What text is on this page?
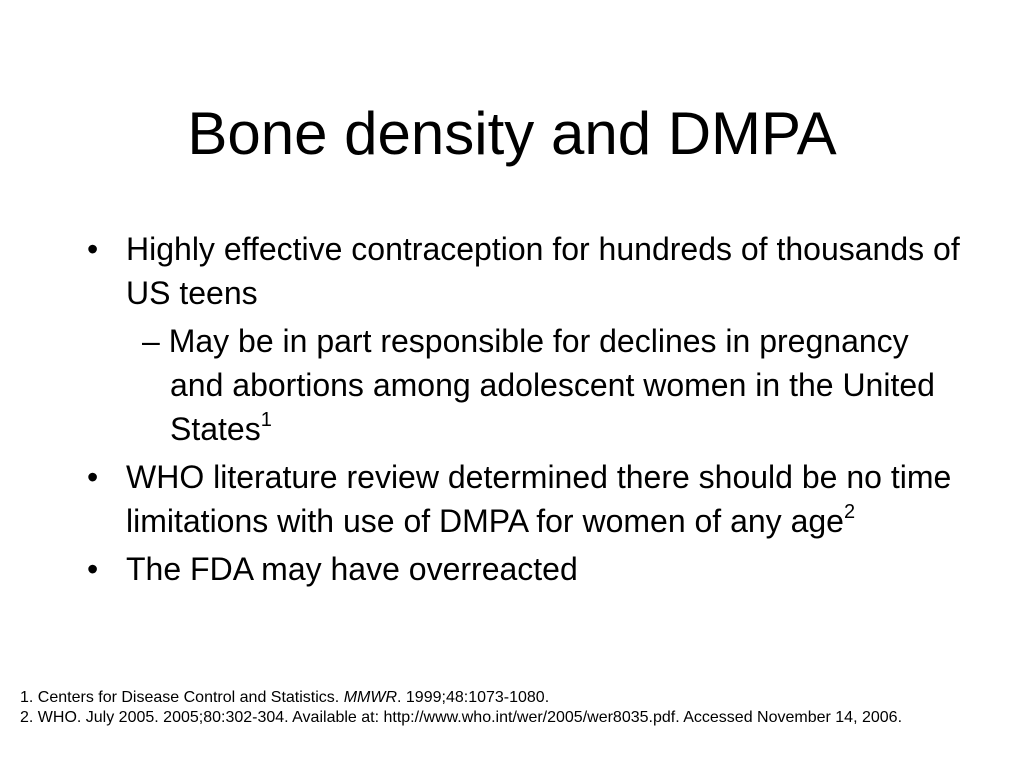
Bone density and DMPA
• Highly effective contraception for hundreds of thousands of US teens
– May be in part responsible for declines in pregnancy and abortions among adolescent women in the United States$^1$
• WHO literature review determined there should be no time limitations with use of DMPA for women of any age$^2$
• The FDA may have overreacted

1. Centers for Disease Control and Statistics. MMWR. 1999;48:1073-1080.

2. WHO. July 2005. 2005;80:302-304. Available at: http://www.who.int/wer/2005/wer8035.pdf. Accessed November 14, 2006.
